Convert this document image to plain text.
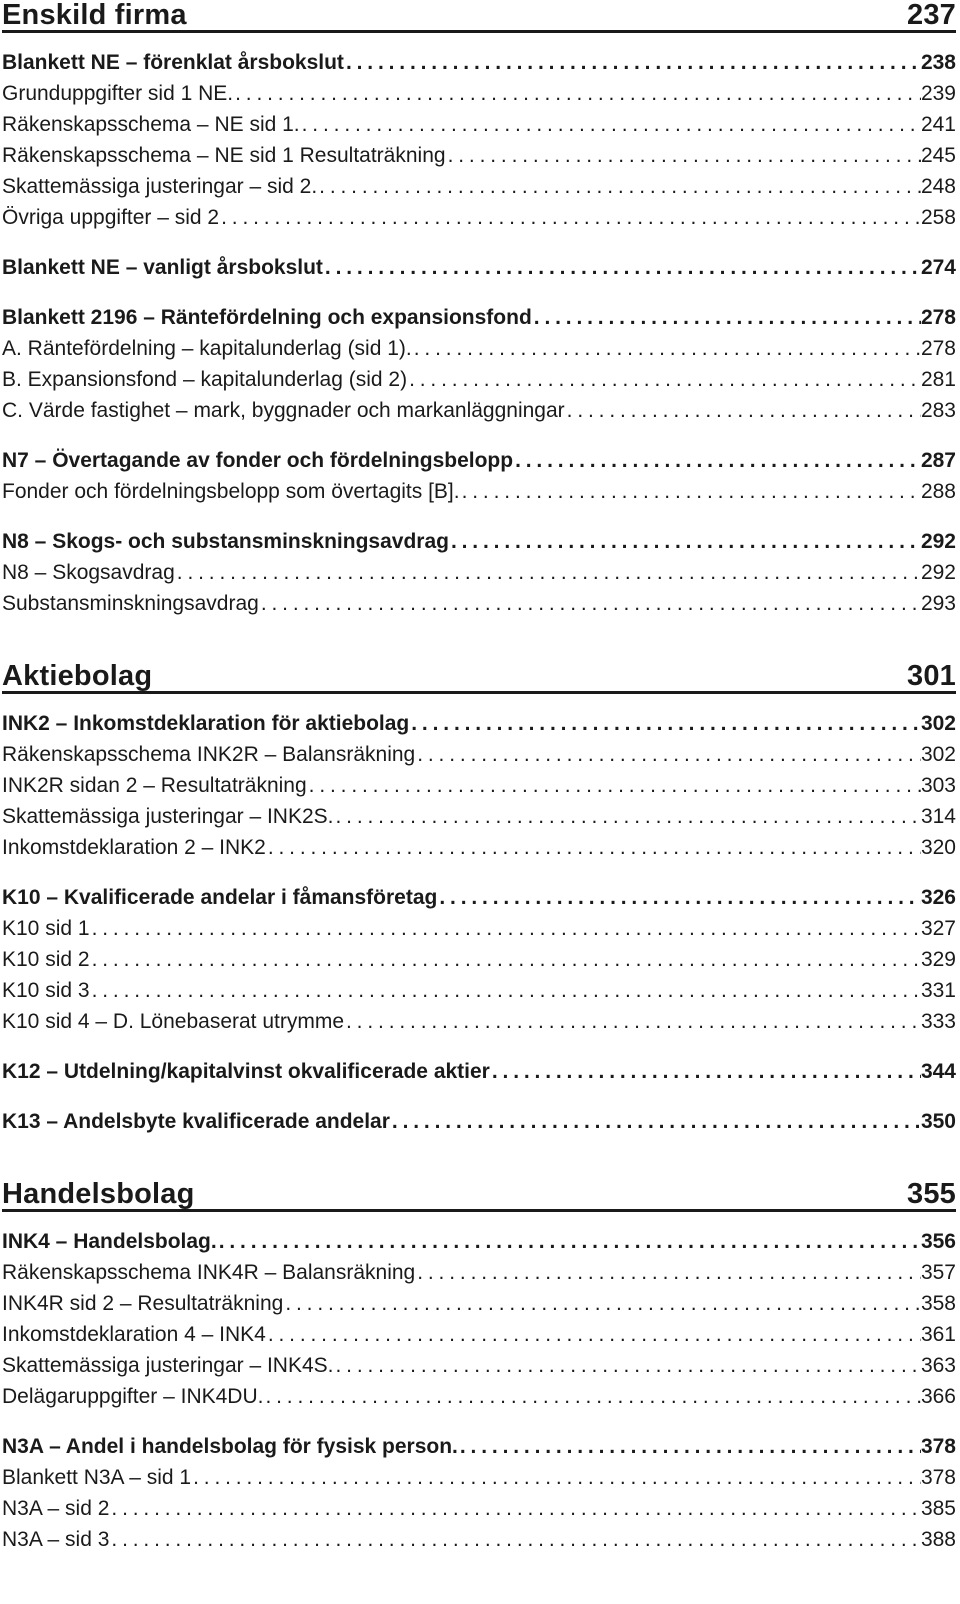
Enskild firma	237
Blankett NE – förenklat årsbokslut . . .	238
Grunduppgifter sid 1 NE. . . .	239
Räkenskapsschema – NE sid 1. . . .	241
Räkenskapsschema – NE sid 1 Resultaträkning . . .	245
Skattemässiga justeringar – sid 2. . . .	248
Övriga uppgifter – sid 2 . . .	258
Blankett NE – vanligt årsbokslut . . .	274
Blankett 2196 – Räntefördelning och expansionsfond . . .	278
A. Räntefördelning – kapitalunderlag (sid 1). . . .	278
B. Expansionsfond – kapitalunderlag (sid 2) . . .	281
C. Värde fastighet – mark, byggnader och markanläggningar . . .	283
N7 – Övertagande av fonder och fördelningsbelopp . . .	287
Fonder och fördelningsbelopp som övertagits [B]. . . .	288
N8 – Skogs- och substansminskningsavdrag . . .	292
N8 – Skogsavdrag . . .	292
Substansminskningsavdrag . . .	293
Aktiebolag	301
INK2 – Inkomstdeklaration för aktiebolag . . .	302
Räkenskapsschema INK2R – Balansräkning . . .	302
INK2R sidan 2 – Resultaträkning . . .	303
Skattemässiga justeringar – INK2S. . . .	314
Inkomstdeklaration 2 – INK2 . . .	320
K10 – Kvalificerade andelar i fåmansföretag . . .	326
K10 sid 1 . . .	327
K10 sid 2 . . .	329
K10 sid 3 . . .	331
K10 sid 4 – D. Lönebaserat utrymme . . .	333
K12 – Utdelning/kapitalvinst okvalificerade aktier . . .	344
K13 – Andelsbyte kvalificerade andelar . . .	350
Handelsbolag	355
INK4 – Handelsbolag. . . .	356
Räkenskapsschema INK4R – Balansräkning . . .	357
INK4R sid 2 – Resultaträkning . . .	358
Inkomstdeklaration 4 – INK4 . . .	361
Skattemässiga justeringar – INK4S. . . .	363
Delägaruppgifter – INK4DU. . . .	366
N3A – Andel i handelsbolag för fysisk person. . . .	378
Blankett N3A – sid 1 . . .	378
N3A – sid 2 . . .	385
N3A – sid 3 . . .	388
